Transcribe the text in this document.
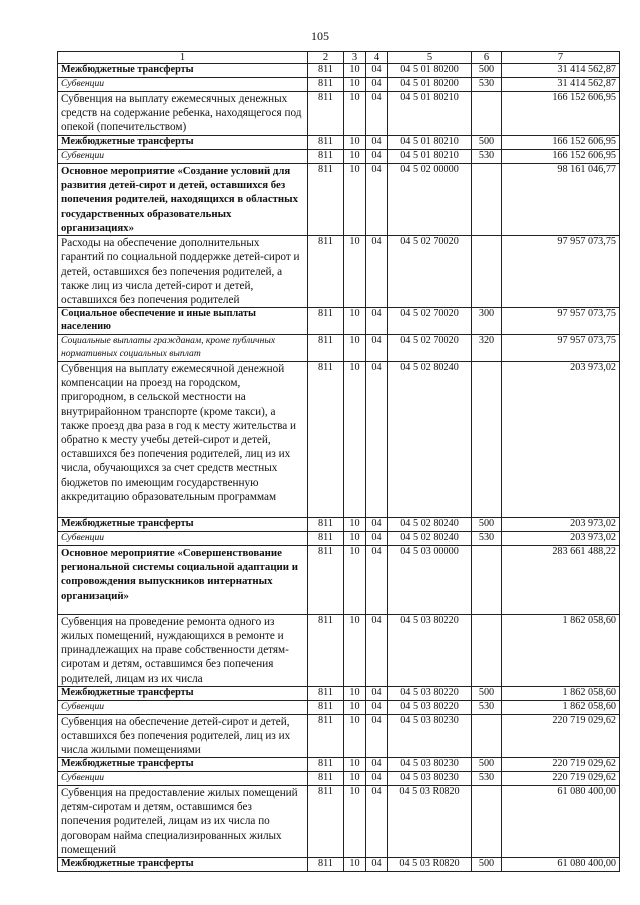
105
1	2	3	4	5	6	7
Межбюджетные трансферты	811	10	04	04 5 01 80200	500	31 414 562,87
Субвенции	811	10	04	04 5 01 80200	530	31 414 562,87
Субвенция на выплату ежемесячных денежных средств на содержание ребенка, находящегося под опекой (попечительством)	811	10	04	04 5 01 80210		166 152 606,95
Межбюджетные трансферты	811	10	04	04 5 01 80210	500	166 152 606,95
Субвенции	811	10	04	04 5 01 80210	530	166 152 606,95
Основное мероприятие «Создание условий для развития детей-сирот и детей, оставшихся без попечения родителей, находящихся в областных государственных образовательных организациях»	811	10	04	04 5 02 00000		98 161 046,77
Расходы на обеспечение дополнительных гарантий по социальной поддержке детей-сирот и детей, оставшихся без попечения родителей, а также лиц из числа детей-сирот и детей, оставшихся без попечения родителей	811	10	04	04 5 02 70020		97 957 073,75
Социальное обеспечение и иные выплаты населению	811	10	04	04 5 02 70020	300	97 957 073,75
Социальные выплаты гражданам, кроме публичных нормативных социальных выплат	811	10	04	04 5 02 70020	320	97 957 073,75
Субвенция на выплату ежемесячной денежной компенсации на проезд на городском, пригородном, в сельской местности на внутрирайонном транспорте (кроме такси), а также проезд два раза в год к месту жительства и обратно к месту учебы детей-сирот и детей, оставшихся без попечения родителей, лиц из их числа, обучающихся за счет средств местных бюджетов по имеющим государственную аккредитацию образовательным программам	811	10	04	04 5 02 80240		203 973,02
Межбюджетные трансферты	811	10	04	04 5 02 80240	500	203 973,02
Субвенции	811	10	04	04 5 02 80240	530	203 973,02
Основное мероприятие «Совершенствование региональной системы социальной адаптации и сопровождения выпускников интернатных организаций»	811	10	04	04 5 03 00000		283 661 488,22
Субвенция на проведение ремонта одного из жилых помещений, нуждающихся в ремонте и принадлежащих на праве собственности детям-сиротам и детям, оставшимся без попечения родителей, лицам из их числа	811	10	04	04 5 03 80220		1 862 058,60
Межбюджетные трансферты	811	10	04	04 5 03 80220	500	1 862 058,60
Субвенции	811	10	04	04 5 03 80220	530	1 862 058,60
Субвенция на обеспечение детей-сирот и детей, оставшихся без попечения родителей, лиц из их числа жилыми помещениями	811	10	04	04 5 03 80230		220 719 029,62
Межбюджетные трансферты	811	10	04	04 5 03 80230	500	220 719 029,62
Субвенции	811	10	04	04 5 03 80230	530	220 719 029,62
Субвенция на предоставление жилых помещений детям-сиротам и детям, оставшимся без попечения родителей, лицам из их числа по договорам найма специализированных жилых помещений	811	10	04	04 5 03 R0820		61 080 400,00
Межбюджетные трансферты	811	10	04	04 5 03 R0820	500	61 080 400,00
